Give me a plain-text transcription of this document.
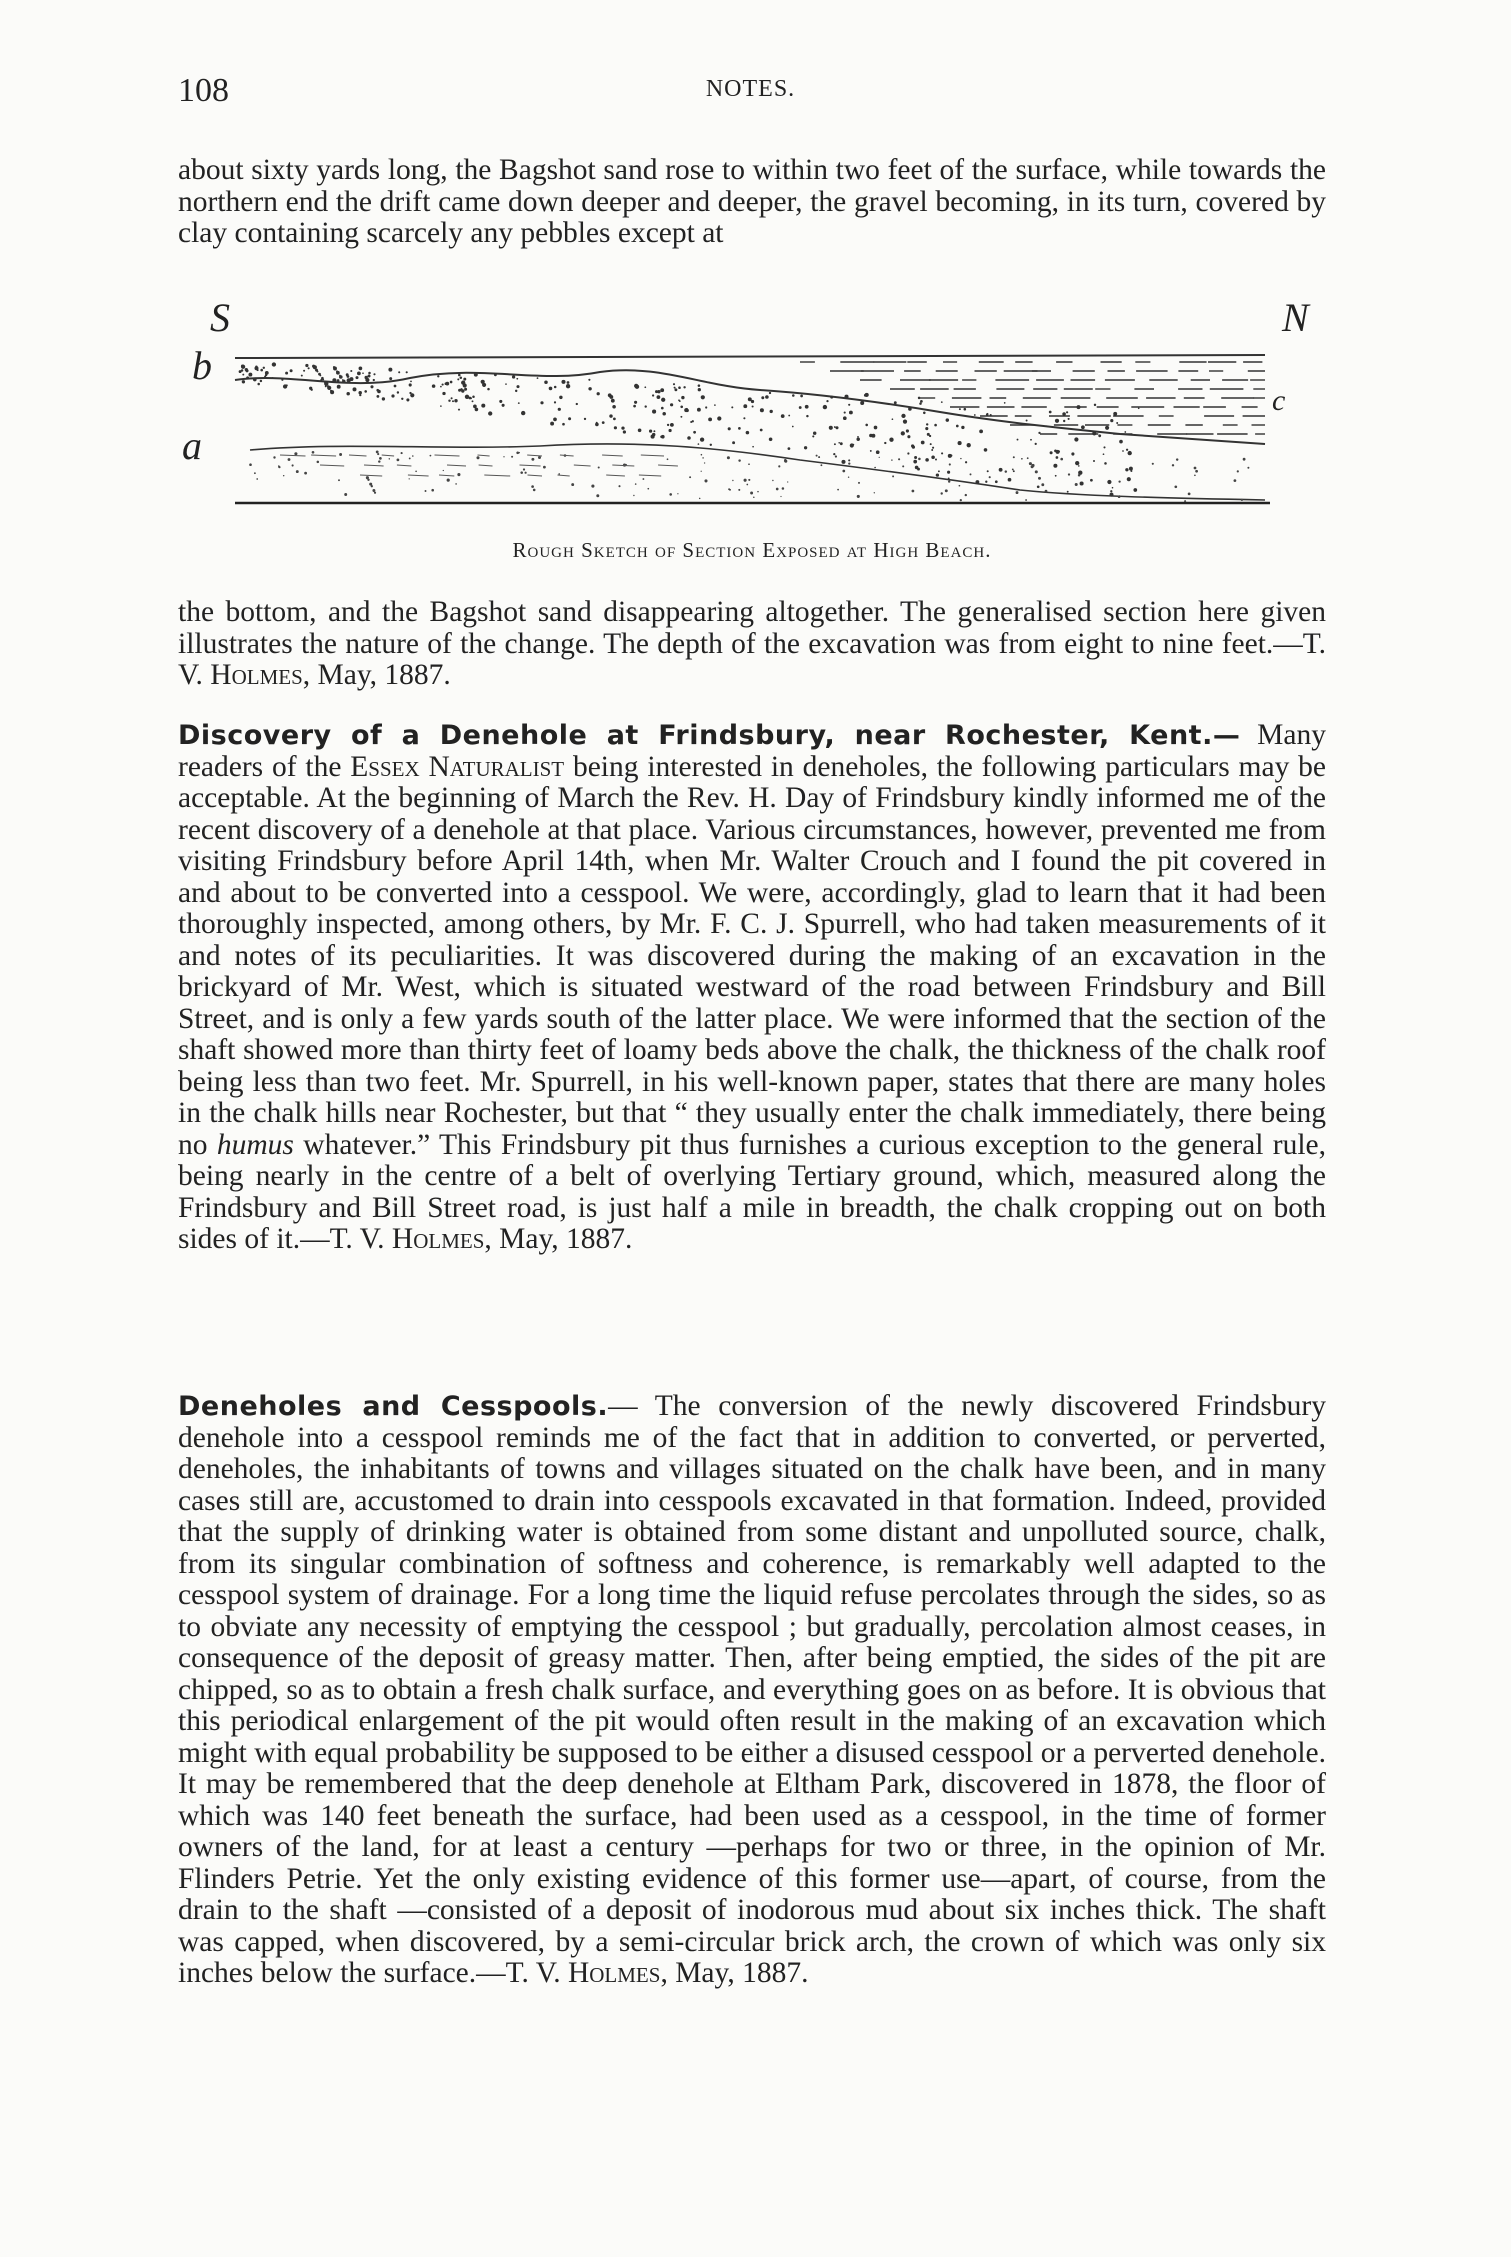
108	NOTES.

about sixty yards long, the Bagshot sand rose to within two feet of the surface, while towards the northern end the drift came down deeper and deeper, the gravel becoming, in its turn, covered by clay containing scarcely any pebbles except at

S	N
b
a
c
Rough Sketch of Section Exposed at High Beach.

the bottom, and the Bagshot sand disappearing altogether. The generalised section here given illustrates the nature of the change. The depth of the excavation was from eight to nine feet.—T. V. Holmes, May, 1887.

Discovery of a Denehole at Frindsbury, near Rochester, Kent.— Many readers of the Essex Naturalist being interested in deneholes, the following particulars may be acceptable. At the beginning of March the Rev. H. Day of Frindsbury kindly informed me of the recent discovery of a denehole at that place. Various circumstances, however, prevented me from visiting Frindsbury before April 14th, when Mr. Walter Crouch and I found the pit covered in and about to be converted into a cesspool. We were, accordingly, glad to learn that it had been thoroughly inspected, among others, by Mr. F. C. J. Spurrell, who had taken measurements of it and notes of its peculiarities. It was discovered during the making of an excavation in the brickyard of Mr. West, which is situated westward of the road between Frindsbury and Bill Street, and is only a few yards south of the latter place. We were informed that the section of the shaft showed more than thirty feet of loamy beds above the chalk, the thickness of the chalk roof being less than two feet. Mr. Spurrell, in his well-known paper, states that there are many holes in the chalk hills near Rochester, but that “ they usually enter the chalk immediately, there being no humus whatever.” This Frindsbury pit thus furnishes a curious exception to the general rule, being nearly in the centre of a belt of overlying Tertiary ground, which, measured along the Frindsbury and Bill Street road, is just half a mile in breadth, the chalk cropping out on both sides of it.—T. V. Holmes, May, 1887.

Deneholes and Cesspools.— The conversion of the newly discovered Frindsbury denehole into a cesspool reminds me of the fact that in addition to converted, or perverted, deneholes, the inhabitants of towns and villages situated on the chalk have been, and in many cases still are, accustomed to drain into cesspools excavated in that formation. Indeed, provided that the supply of drinking water is obtained from some distant and unpolluted source, chalk, from its singular combination of softness and coherence, is remarkably well adapted to the cesspool system of drainage. For a long time the liquid refuse percolates through the sides, so as to obviate any necessity of emptying the cesspool ; but gradually, percolation almost ceases, in consequence of the deposit of greasy matter. Then, after being emptied, the sides of the pit are chipped, so as to obtain a fresh chalk surface, and everything goes on as before. It is obvious that this periodical enlargement of the pit would often result in the making of an excavation which might with equal probability be supposed to be either a disused cesspool or a perverted denehole. It may be remembered that the deep denehole at Eltham Park, discovered in 1878, the floor of which was 140 feet beneath the surface, had been used as a cesspool, in the time of former owners of the land, for at least a century —perhaps for two or three, in the opinion of Mr. Flinders Petrie. Yet the only existing evidence of this former use—apart, of course, from the drain to the shaft —consisted of a deposit of inodorous mud about six inches thick. The shaft was capped, when discovered, by a semi-circular brick arch, the crown of which was only six inches below the surface.—T. V. Holmes, May, 1887.
